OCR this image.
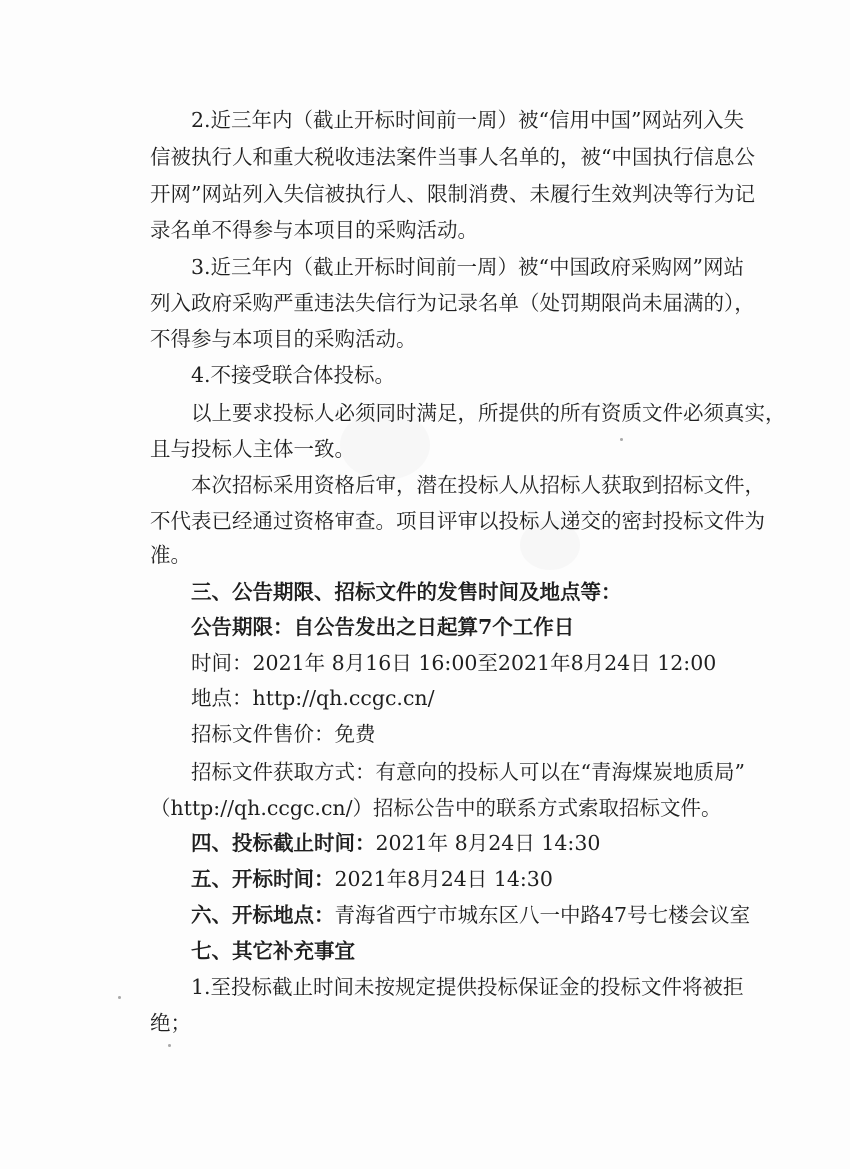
2.近三年内（截止开标时间前一周）被“信用中国”网站列入失
信被执行人和重大税收违法案件当事人名单的，被“中国执行信息公
开网”网站列入失信被执行人、限制消费、未履行生效判决等行为记
录名单不得参与本项目的采购活动。
3.近三年内（截止开标时间前一周）被“中国政府采购网”网站
列入政府采购严重违法失信行为记录名单（处罚期限尚未届满的），
不得参与本项目的采购活动。
4.不接受联合体投标。
以上要求投标人必须同时满足，所提供的所有资质文件必须真实，
且与投标人主体一致。
本次招标采用资格后审，潜在投标人从招标人获取到招标文件，
不代表已经通过资格审查。项目评审以投标人递交的密封投标文件为
准。
三、公告期限、招标文件的发售时间及地点等：
公告期限：自公告发出之日起算7个工作日
时间：2021年 8月16日 16:00至2021年8月24日 12:00
地点：http://qh.ccgc.cn/
招标文件售价：免费
招标文件获取方式：有意向的投标人可以在“青海煤炭地质局”
（http://qh.ccgc.cn/）招标公告中的联系方式索取招标文件。
四、投标截止时间：2021年 8月24日 14:30
五、开标时间：2021年8月24日 14:30
六、开标地点：青海省西宁市城东区八一中路47号七楼会议室
七、其它补充事宜
1.至投标截止时间未按规定提供投标保证金的投标文件将被拒
绝；
